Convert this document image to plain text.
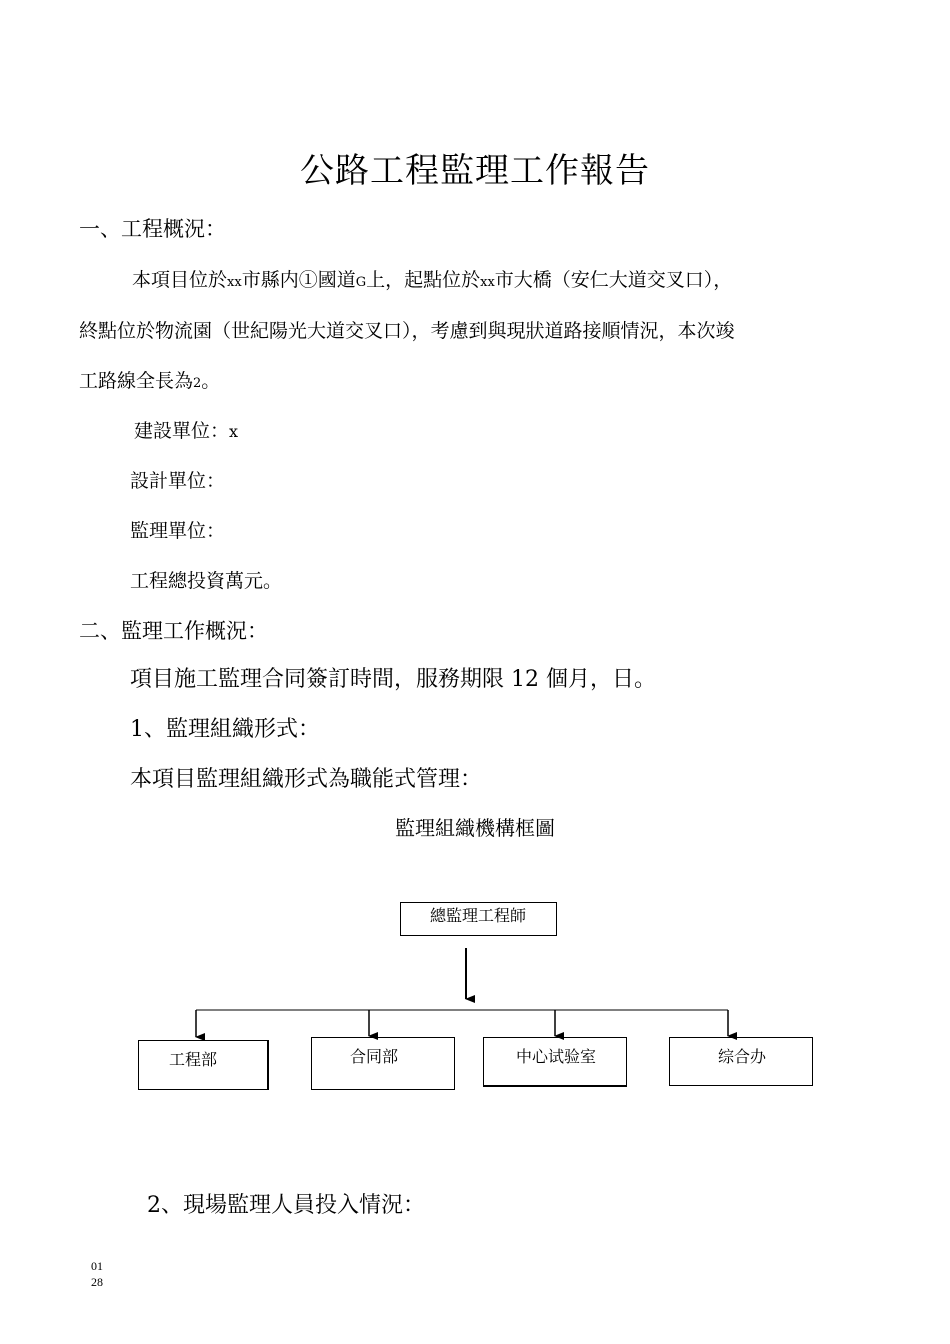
公路工程監理工作報告
一、工程概況：
本項目位於xx市縣内①國道G上，起點位於xx市大橋（安仁大道交叉口），
終點位於物流園（世紀陽光大道交叉口），考慮到與現狀道路接順情況，本次竣
工路線全長為2。
建設單位：x
設計單位：
監理單位：
工程總投資萬元。
二、監理工作概況：
項目施工監理合同簽訂時間，服務期限 12 個月，日。
1、監理組織形式：
本項目監理組織形式為職能式管理：
監理組織機構框圖
總監理工程師
工程部	合同部	中心试验室	综合办
2、現場監理人員投入情況：
01
28
